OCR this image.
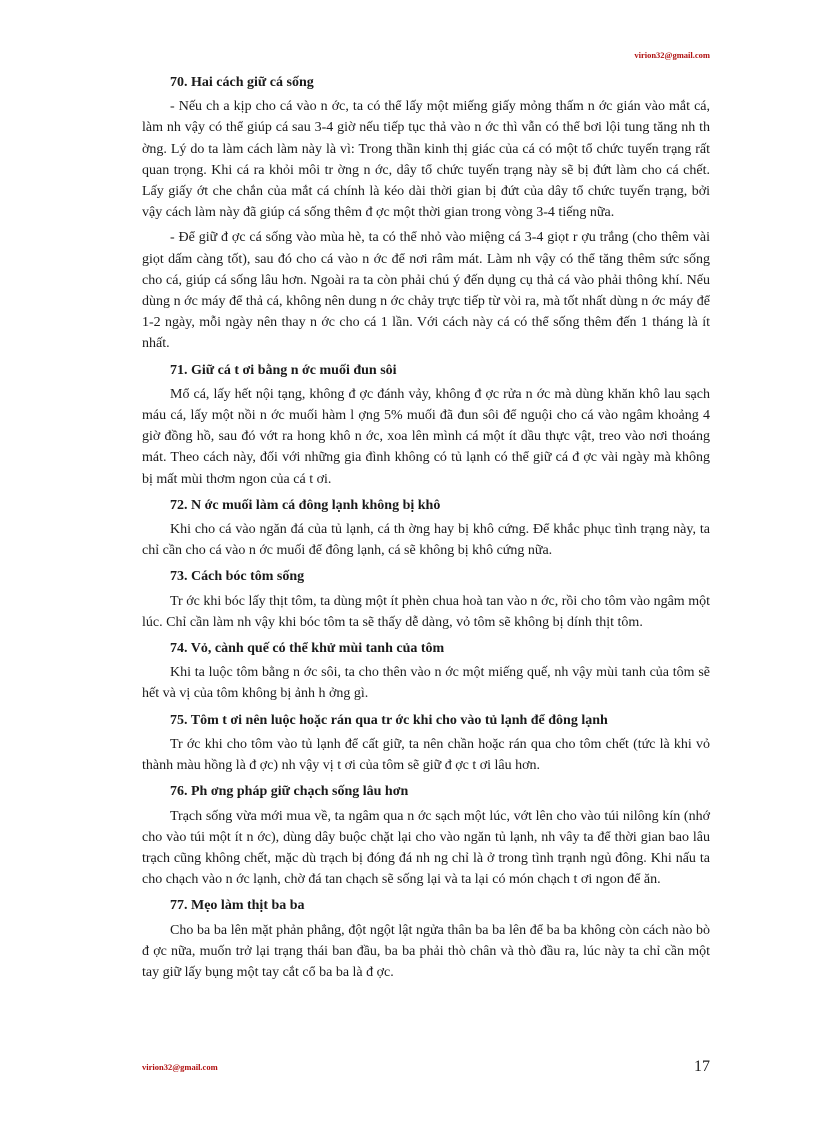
virion32@gmail.com
70. Hai cách giữ cá sống

- Nếu ch a kịp cho cá vào n ớc, ta có thể lấy một miếng giấy mỏng thấm n ớc gián vào mắt cá, làm nh vậy có thể giúp cá sau 3-4 giờ nếu tiếp tục thả vào n ớc thì vẫn có thể bơi lội tung tăng nh th ờng. Lý do ta làm cách làm này là vì: Trong thần kinh thị giác của cá có một tổ chức tuyến trạng rất quan trọng. Khi cá ra khỏi môi tr ờng n ớc, dây tổ chức tuyến trạng này sẽ bị đứt làm cho cá chết. Lấy giấy ớt che chắn của mắt cá chính là kéo dài thời gian bị đứt của dây tổ chức tuyến trạng, bởi vậy cách làm này đã giúp cá sống thêm đ ợc một thời gian trong vòng 3-4 tiếng nữa.

- Để giữ đ ợc cá sống vào mùa hè, ta có thể nhỏ vào miệng cá 3-4 giọt r ợu trắng (cho thêm vài giọt dấm càng tốt), sau đó cho cá vào n ớc để nơi râm mát. Làm nh vậy có thể tăng thêm sức sống cho cá, giúp cá sống lâu hơn. Ngoài ra ta còn phải chú ý đến dụng cụ thả cá vào phải thông khí. Nếu dùng n ớc máy để thả cá, không nên dung n ớc chảy trực tiếp từ vòi ra, mà tốt nhất dùng n ớc máy để 1-2 ngày, mỗi ngày nên thay n ớc cho cá 1 lần. Với cách này cá có thể sống thêm đến 1 tháng là ít nhất.

71. Giữ cá t ơi bằng n ớc muối đun sôi

Mổ cá, lấy hết nội tạng, không đ ợc đánh vảy, không đ ợc rửa n ớc mà dùng khăn khô lau sạch máu cá, lấy một nồi n ớc muối hàm l ợng 5% muối đã đun sôi để nguội cho cá vào ngâm khoảng 4 giờ đồng hồ, sau đó vớt ra hong khô n ớc, xoa lên mình cá một ít dầu thực vật, treo vào nơi thoáng mát. Theo cách này, đối với những gia đình không có tủ lạnh có thể giữ cá đ ợc vài ngày mà không bị mất mùi thơm ngon của cá t ơi.

72. N ớc muối làm cá đông lạnh không bị khô

Khi cho cá vào ngăn đá của tủ lạnh, cá th ờng hay bị khô cứng. Để khắc phục tình trạng này, ta chỉ cần cho cá vào n ớc muối để đông lạnh, cá sẽ không bị khô cứng nữa.

73. Cách bóc tôm sống

Tr ớc khi bóc lấy thịt tôm, ta dùng một ít phèn chua hoà tan vào n ớc, rồi cho tôm vào ngâm một lúc. Chỉ cần làm nh vậy khi bóc tôm ta sẽ thấy dễ dàng, vỏ tôm sẽ không bị dính thịt tôm.

74. Vỏ, cành quế có thể khử mùi tanh của tôm

Khi ta luộc tôm bằng n ớc sôi, ta cho thên vào n ớc một miếng quế, nh vậy mùi tanh của tôm sẽ hết và vị của tôm không bị ảnh h ởng gì.

75. Tôm t ơi nên luộc hoặc rán qua tr ớc khi cho vào tủ lạnh để đông lạnh

Tr ớc khi cho tôm vào tủ lạnh để cất giữ, ta nên chần hoặc rán qua cho tôm chết (tức là khi vỏ thành màu hồng là đ ợc) nh vậy vị t ơi của tôm sẽ giữ đ ợc t ơi lâu hơn.

76. Ph ơng pháp giữ chạch sống lâu hơn

Trạch sống vừa mới mua về, ta ngâm qua n ớc sạch một lúc, vớt lên cho vào túi nilông kín (nhớ cho vào túi một ít n ớc), dùng dây buộc chặt lại cho vào ngăn tủ lạnh, nh vây ta để thời gian bao lâu trạch cũng không chết, mặc dù trạch bị đóng đá nh ng chỉ là ở trong tình trạnh ngủ đông. Khi nấu ta cho chạch vào n ớc lạnh, chờ đá tan chạch sẽ sống lại và ta lại có món chạch t ơi ngon để ăn.

77. Mẹo làm thịt ba ba

Cho ba ba lên mặt phản phẳng, đột ngột lật ngửa thân ba ba lên để ba ba không còn cách nào bò đ ợc nữa, muốn trở lại trạng thái ban đầu, ba ba phải thò chân và thò đầu ra, lúc này ta chỉ cần một tay giữ lấy bụng một tay cắt cổ ba ba là đ ợc.

virion32@gmail.com	17
